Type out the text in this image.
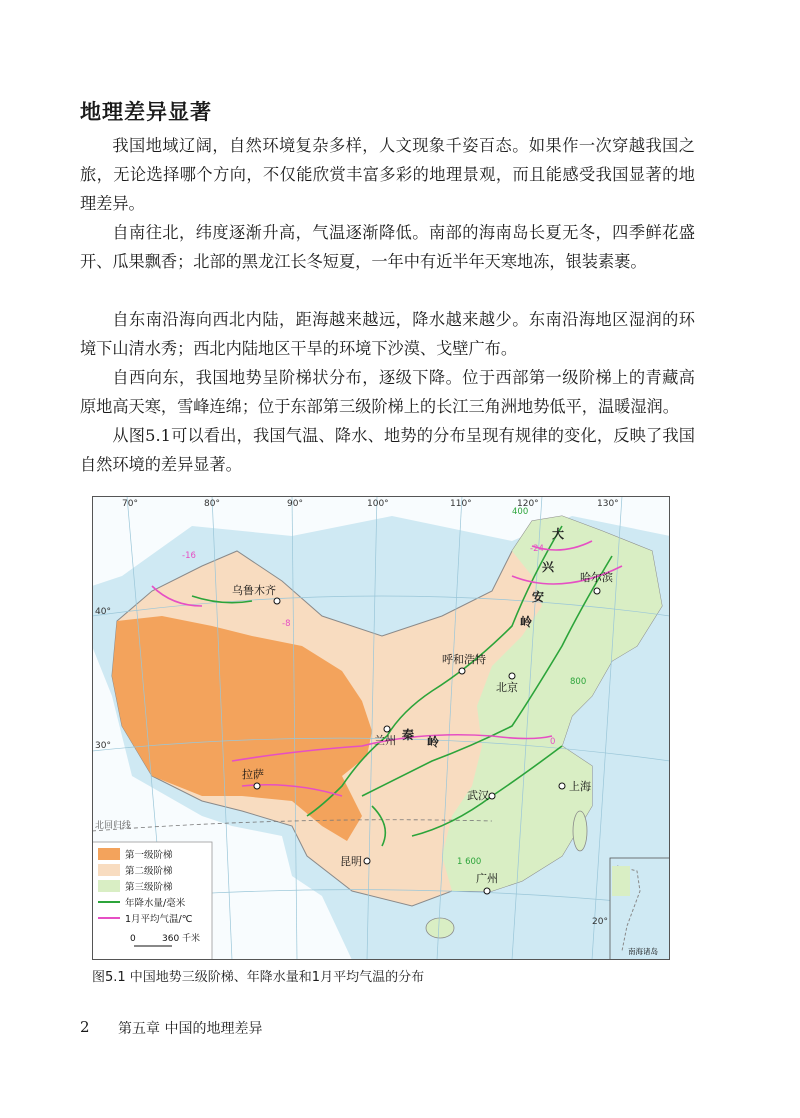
地理差异显著

我国地域辽阔，自然环境复杂多样，人文现象千姿百态。如果作一次穿越我国之旅，无论选择哪个方向，不仅能欣赏丰富多彩的地理景观，而且能感受我国显著的地理差异。

自南往北，纬度逐渐升高，气温逐渐降低。南部的海南岛长夏无冬，四季鲜花盛开、瓜果飘香；北部的黑龙江长冬短夏，一年中有近半年天寒地冻，银装素裹。

自东南沿海向西北内陆，距海越来越远，降水越来越少。东南沿海地区湿润的环境下山清水秀；西北内陆地区干旱的环境下沙漠、戈壁广布。

自西向东，我国地势呈阶梯状分布，逐级下降。位于西部第一级阶梯上的青藏高原地高天寒，雪峰连绵；位于东部第三级阶梯上的长江三角洲地势低平，温暖湿润。

从图5.1可以看出，我国气温、降水、地势的分布呈现有规律的变化，反映了我国自然环境的差异显著。

70°	80°	90°	100°	110°	120°	130°
40°
30°
20°
北回归线
-24
-16
-8
0
400
800
1 600
大
兴
安
岭
秦 岭
乌鲁木齐
哈尔滨
呼和浩特
北京
兰州
拉萨
武汉
上海
昆明
广州
第一级阶梯
第二级阶梯
第三级阶梯
年降水量/毫米
1月平均气温/℃
0	360 千米
南海诸岛
图5.1 中国地势三级阶梯、年降水量和1月平均气温的分布
2 第五章 中国的地理差异
